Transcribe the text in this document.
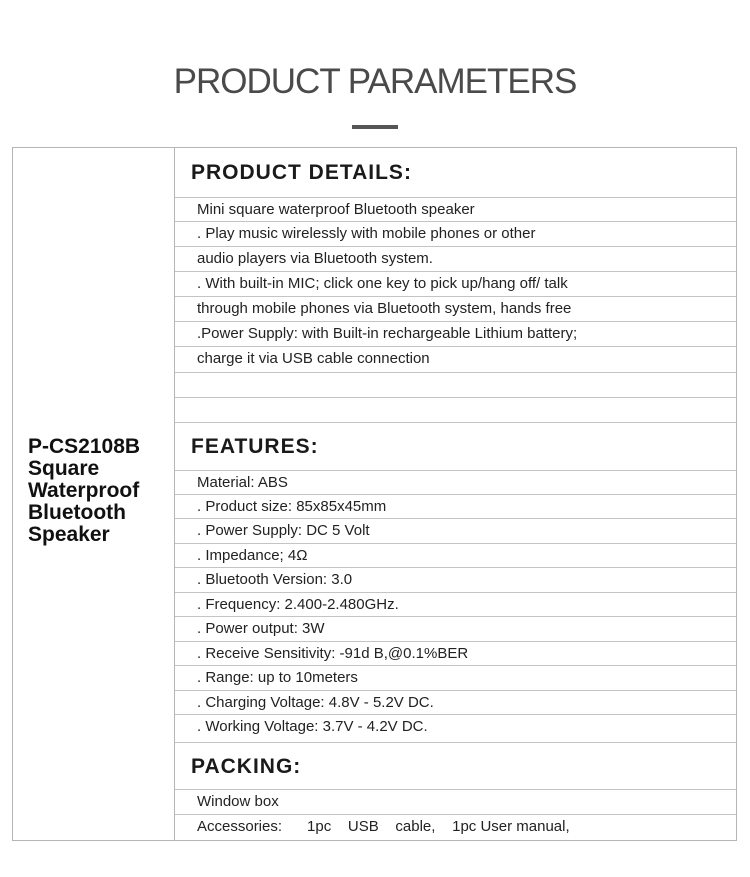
PRODUCT PARAMETERS
P-CS2108B
Square
Waterproof
Bluetooth
Speaker
PRODUCT DETAILS:
Mini square waterproof Bluetooth speaker
. Play music wirelessly with mobile phones or other
audio players via Bluetooth system.
. With built-in MIC; click one key to pick up/hang off/ talk
through mobile phones via Bluetooth system, hands free
.Power Supply: with Built-in rechargeable Lithium battery;
charge it via USB cable connection
FEATURES:
Material: ABS
. Product size: 85x85x45mm
. Power Supply: DC 5 Volt
. Impedance; 4Ω
. Bluetooth Version: 3.0
. Frequency: 2.400-2.480GHz.
. Power output: 3W
. Receive Sensitivity: -91d B,@0.1%BER
. Range: up to 10meters
. Charging Voltage: 4.8V - 5.2V DC.
. Working Voltage: 3.7V - 4.2V DC.
PACKING:
Window box
Accessories:      1pc    USB    cable,    1pc User manual,
